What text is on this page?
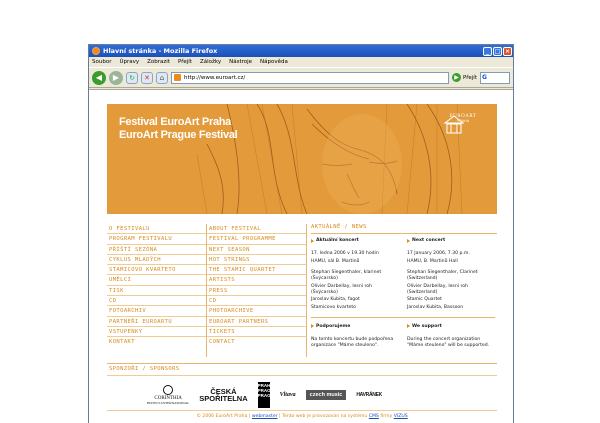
Hlavní stránka - Mozilla Firefox	_ □ ×
Soubor Úpravy Zobrazit Přejít Záložky Nástroje Nápověda
◀	▶	↻	✕	⌂	http://www.euroart.cz/	▶ Přejít G
Festival EuroArt Praha
EuroArt Prague Festival
EUROART
PRAHA
O FESTIVALU
PROGRAM FESTIVALU
PŘÍŠTÍ SEZÓNA
CYKLUS MLADÝCH
STAMICOVO KVARTETO
UMĚLCI
TISK
CD
FOTOARCHIV
PARTNEŘI EUROARTU
VSTUPENKY
KONTAKT
ABOUT FESTIVAL
FESTIVAL PROGRAMME
NEXT SEASON
HOT STRINGS
THE STAMIC QUARTET
ARTISTS
PRESS
CD
PHOTOARCHIVE
EUROART PARTNERS
TICKETS
CONTACT
AKTUÁLNĚ / NEWS
Aktuální koncert

17. ledna 2006 v 19.30 hodin

HAMU, sál B. Martinů

Stephan Siegenthaler, klarinet (Švýcarsko)

Olivier Darbellay, lesní roh (Švýcarsko)

Jaroslav Kubita, fagot

Stamicovo kvarteto

Next concert

17 January 2006, 7.30 p.m.

HAMU, B. Martinů Hall

Stephan Siegenthaler, Clarinet (Switzerland)

Olivier Darbellay, lesní roh (Switzerland)

Stamic Quartet

Jaroslav Kubita, Bassoon

Podporujeme

Na tomto koncertu bude podpořena organizace "Máme steuleno".

We support

During the concert organization "Máme steuleno" will be supported.

SPONZOŘI / SPONSORS
CORINTHIA
HOTELS INTERNATIONAL
ČESKÁ
SPOŘITELNA
PRAHA PRAGUE PRAG Vltava	czech music	HAVRÁNEK
© 2006 EuroArt Praha | webmaster | Tento web je provozován na systému CMS firmy VIZUS
